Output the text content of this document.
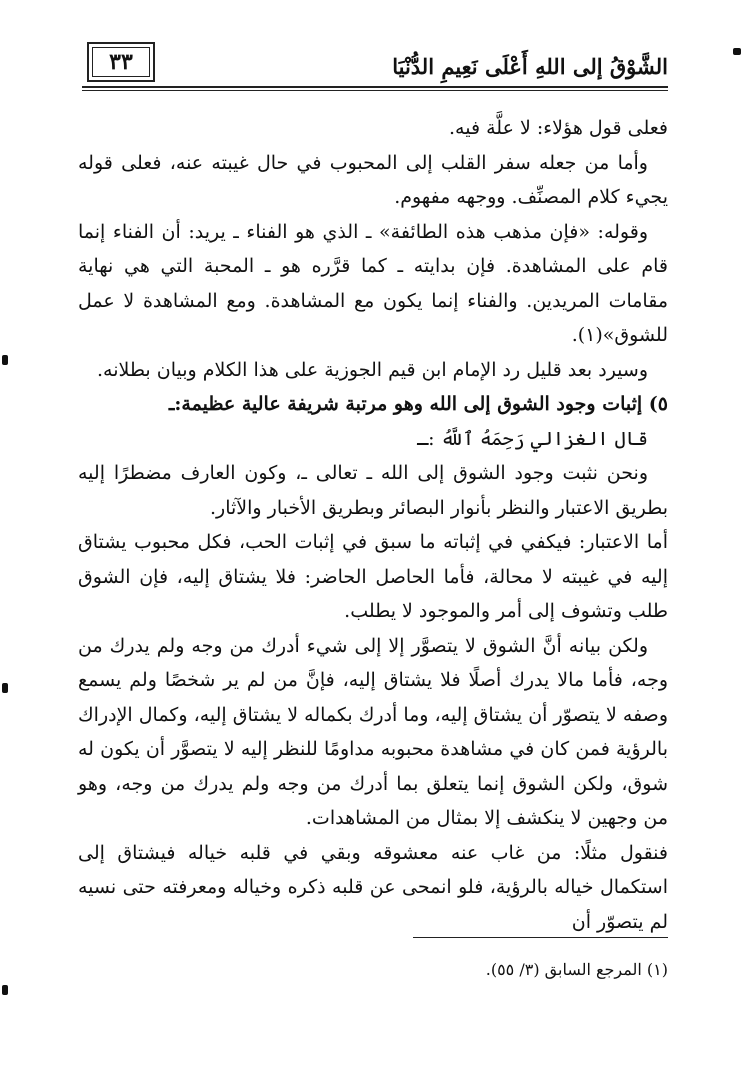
الشَّوْقُ إلى اللهِ أَعْلَى نَعِيمِ الدُّنْيَا
٣٣

فعلى قول هؤلاء: لا علَّة فيه.

وأما من جعله سفر القلب إلى المحبوب في حال غيبته عنه، فعلى قوله يجيء كلام المصنِّف. ووجهه مفهوم.

وقوله: «فإن مذهب هذه الطائفة» ـ الذي هو الفناء ـ يريد: أن الفناء إنما قام على المشاهدة. فإن بدايته ـ كما قرَّره هو ـ المحبة التي هي نهاية مقامات المريدين. والفناء إنما يكون مع المشاهدة. ومع المشاهدة لا عمل للشوق»(١).

وسيرد بعد قليل رد الإمام ابن قيم الجوزية على هذا الكلام وبيان بطلانه.

٥) إثبات وجود الشوق إلى الله وهو مرتبة شريفة عالية عظيمة:ـ

قال الغزالي رَحِمَهُ ٱللَّهُ :ـ

ونحن نثبت وجود الشوق إلى الله ـ تعالى ـ، وكون العارف مضطرًا إليه بطريق الاعتبار والنظر بأنوار البصائر وبطريق الأخبار والآثار.

أما الاعتبار: فيكفي في إثباته ما سبق في إثبات الحب، فكل محبوب يشتاق إليه في غيبته لا محالة، فأما الحاصل الحاضر: فلا يشتاق إليه، فإن الشوق طلب وتشوف إلى أمر والموجود لا يطلب.

ولكن بيانه أنَّ الشوق لا يتصوَّر إلا إلى شيء أدرك من وجه ولم يدرك من وجه، فأما مالا يدرك أصلًا فلا يشتاق إليه، فإنَّ من لم ير شخصًا ولم يسمع وصفه لا يتصوّر أن يشتاق إليه، وما أدرك بكماله لا يشتاق إليه، وكمال الإدراك بالرؤية فمن كان في مشاهدة محبوبه مداومًا للنظر إليه لا يتصوَّر أن يكون له شوق، ولكن الشوق إنما يتعلق بما أدرك من وجه ولم يدرك من وجه، وهو من وجهين لا ينكشف إلا بمثال من المشاهدات.

فنقول مثلًا: من غاب عنه معشوقه وبقي في قلبه خياله فيشتاق إلى استكمال خياله بالرؤية، فلو انمحى عن قلبه ذكره وخياله ومعرفته حتى نسيه لم يتصوّر أن

(١) المرجع السابق (٣/ ٥٥).
